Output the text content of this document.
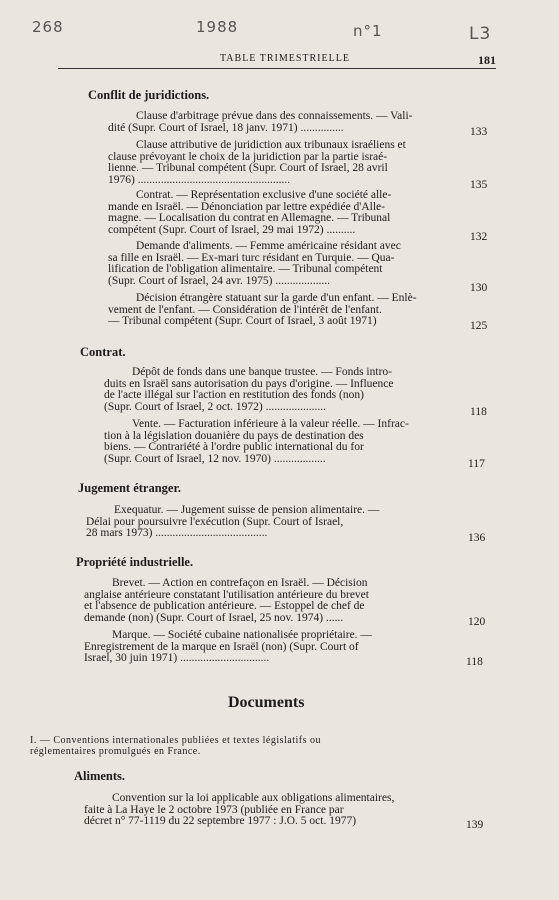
268	1988	n°1	L3
TABLE TRIMESTRIELLE	181
Conflit de juridictions.
Clause d'arbitrage prévue dans des connaissements. — Vali-
dité (Supr. Court of Israel, 18 janv. 1971) ...............	133
Clause attributive de juridiction aux tribunaux israéliens et
clause prévoyant le choix de la juridiction par la partie israé-
lienne. — Tribunal compétent (Supr. Court of Israel, 28 avril
1976) .....................................................	135
Contrat. — Représentation exclusive d'une société alle-
mande en Israël. — Dénonciation par lettre expédiée d'Alle-
magne. — Localisation du contrat en Allemagne. — Tribunal
compétent (Supr. Court of Israel, 29 mai 1972) ..........
132
Demande d'aliments. — Femme américaine résidant avec
sa fille en Israël. — Ex-mari turc résidant en Turquie. — Qua-
lification de l'obligation alimentaire. — Tribunal compétent
(Supr. Court of Israel, 24 avr. 1975) ...................
130
Décision étrangère statuant sur la garde d'un enfant. — Enlè-
vement de l'enfant. — Considération de l'intérêt de l'enfant.
— Tribunal compétent (Supr. Court of Israel, 3 août 1971)	125
Contrat.
Dépôt de fonds dans une banque trustee. — Fonds intro-
duits en Israël sans autorisation du pays d'origine. — Influence
de l'acte illégal sur l'action en restitution des fonds (non)
(Supr. Court of Israel, 2 oct. 1972) .....................	118
Vente. — Facturation inférieure à la valeur réelle. — Infrac-
tion à la législation douanière du pays de destination des
biens. — Contrariété à l'ordre public international du for
(Supr. Court of Israel, 12 nov. 1970) ..................	117
Jugement étranger.
Exequatur. — Jugement suisse de pension alimentaire. —
Délai pour poursuivre l'exécution (Supr. Court of Israel,
28 mars 1973) .......................................	136
Propriété industrielle.
Brevet. — Action en contrefaçon en Israël. — Décision
anglaise antérieure constatant l'utilisation antérieure du brevet
et l'absence de publication antérieure. — Estoppel de chef de
demande (non) (Supr. Court of Israel, 25 nov. 1974) ......	120
Marque. — Société cubaine nationalisée propriétaire. —
Enregistrement de la marque en Israël (non) (Supr. Court of
Israel, 30 juin 1971) ...............................	118
Documents
I. — Conventions internationales publiées et textes législatifs ou
réglementaires promulgués en France.
Aliments.
Convention sur la loi applicable aux obligations alimentaires,
faite à La Haye le 2 octobre 1973 (publiée en France par
décret n° 77-1119 du 22 septembre 1977 : J.O. 5 oct. 1977)	139
